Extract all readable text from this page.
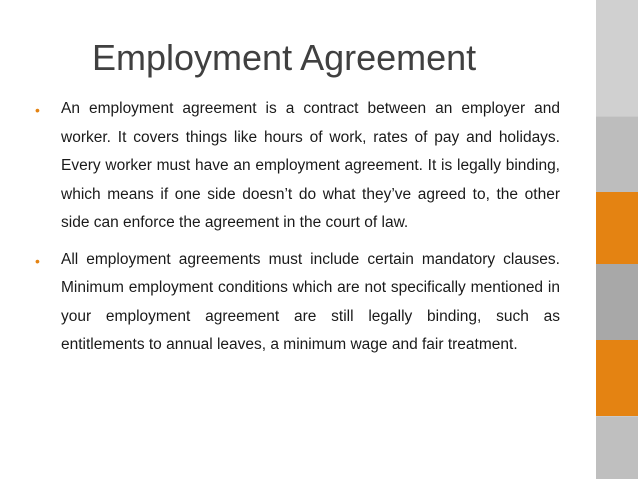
Employment Agreement
• An employment agreement is a contract between an employer and worker. It covers things like hours of work, rates of pay and holidays. Every worker must have an employment agreement. It is legally binding, which means if one side doesn’t do what they’ve agreed to, the other side can enforce the agreement in the court of law.
• All employment agreements must include certain mandatory clauses. Minimum employment conditions which are not specifically mentioned in your employment agreement are still legally binding, such as entitlements to annual leaves, a minimum wage and fair treatment.
